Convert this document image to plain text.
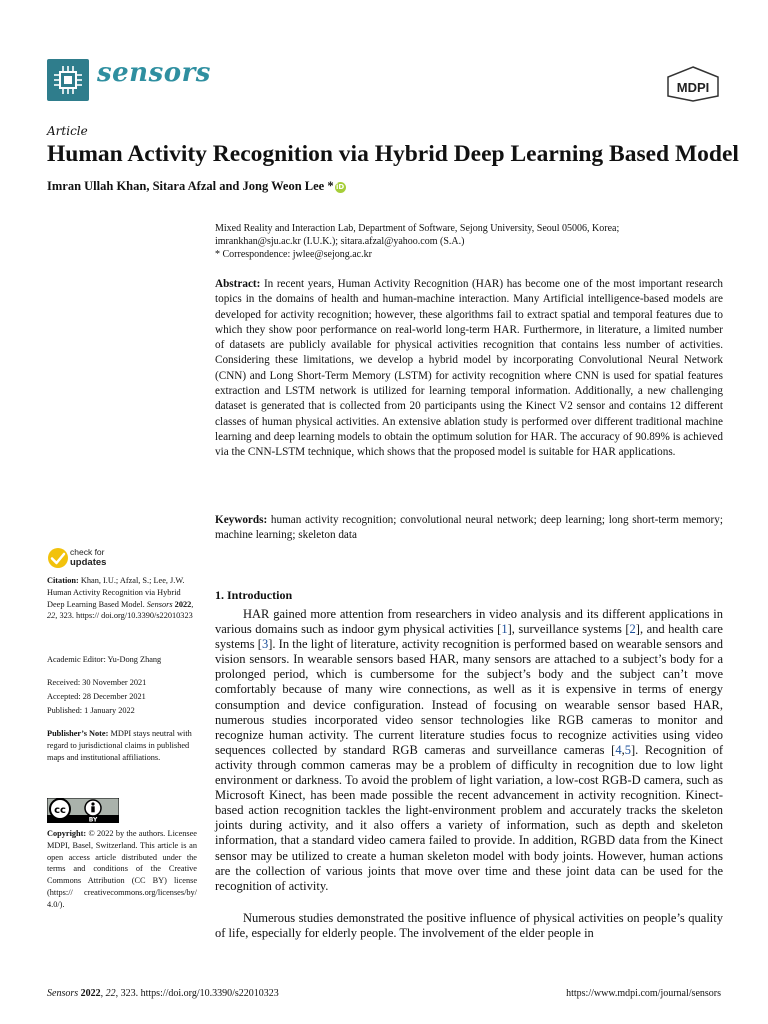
sensors	MDPI
Article
Human Activity Recognition via Hybrid Deep Learning Based Model
Imran Ullah Khan, Sitara Afzal and Jong Weon Lee * iD
Mixed Reality and Interaction Lab, Department of Software, Sejong University, Seoul 05006, Korea;
imrankhan@sju.ac.kr (I.U.K.); sitara.afzal@yahoo.com (S.A.)
* Correspondence: jwlee@sejong.ac.kr
Abstract: In recent years, Human Activity Recognition (HAR) has become one of the most important research topics in the domains of health and human-machine interaction. Many Artificial intelligence-based models are developed for activity recognition; however, these algorithms fail to extract spatial and temporal features due to which they show poor performance on real-world long-term HAR. Furthermore, in literature, a limited number of datasets are publicly available for physical activities recognition that contains less number of activities. Considering these limitations, we develop a hybrid model by incorporating Convolutional Neural Network (CNN) and Long Short-Term Memory (LSTM) for activity recognition where CNN is used for spatial features extraction and LSTM network is utilized for learning temporal information. Additionally, a new challenging dataset is generated that is collected from 20 participants using the Kinect V2 sensor and contains 12 different classes of human physical activities. An extensive ablation study is performed over different traditional machine learning and deep learning models to obtain the optimum solution for HAR. The accuracy of 90.89% is achieved via the CNN-LSTM technique, which shows that the proposed model is suitable for HAR applications.
Keywords: human activity recognition; convolutional neural network; deep learning; long short-term memory; machine learning; skeleton data
check for
updates
Citation: Khan, I.U.; Afzal, S.; Lee, J.W. Human Activity Recognition via Hybrid Deep Learning Based Model. Sensors 2022, 22, 323. https:// doi.org/10.3390/s22010323
Academic Editor: Yu-Dong Zhang
Received: 30 November 2021
Accepted: 28 December 2021
Published: 1 January 2022
Publisher’s Note: MDPI stays neutral with regard to jurisdictional claims in published maps and institutional affiliations.
cc
BY
Copyright: © 2022 by the authors. Licensee MDPI, Basel, Switzerland. This article is an open access article distributed under the terms and conditions of the Creative Commons Attribution (CC BY) license (https:// creativecommons.org/licenses/by/ 4.0/).
1. Introduction
HAR gained more attention from researchers in video analysis and its different applications in various domains such as indoor gym physical activities [1], surveillance systems [2], and health care systems [3]. In the light of literature, activity recognition is performed based on wearable sensors and vision sensors. In wearable sensors based HAR, many sensors are attached to a subject’s body for a prolonged period, which is cumbersome for the subject’s body and the subject can’t move comfortably because of many wire connections, as well as it is expensive in terms of energy consumption and device configuration. Instead of focusing on wearable sensor based HAR, numerous studies incorporated video sensor technologies like RGB cameras to monitor and recognize human activity. The current literature studies focus to recognize activities using video sequences collected by standard RGB cameras and surveillance cameras [4,5]. Recognition of activity through common cameras may be a problem of difficulty in recognition due to low light environment or darkness. To avoid the problem of light variation, a low-cost RGB-D camera, such as Microsoft Kinect, has been made possible the recent advancement in activity recognition. Kinect-based action recognition tackles the light-environment problem and accurately tracks the skeleton joints during activity, and it also offers a variety of information, such as depth and skeleton information, that a standard video camera failed to provide. In addition, RGBD data from the Kinect sensor may be utilized to create a human skeleton model with body joints. However, human actions are the collection of various joints that move over time and these joint data can be used for the recognition of activity.
Numerous studies demonstrated the positive influence of physical activities on people’s quality of life, especially for elderly people. The involvement of the elder people in
Sensors 2022, 22, 323. https://doi.org/10.3390/s22010323	https://www.mdpi.com/journal/sensors
